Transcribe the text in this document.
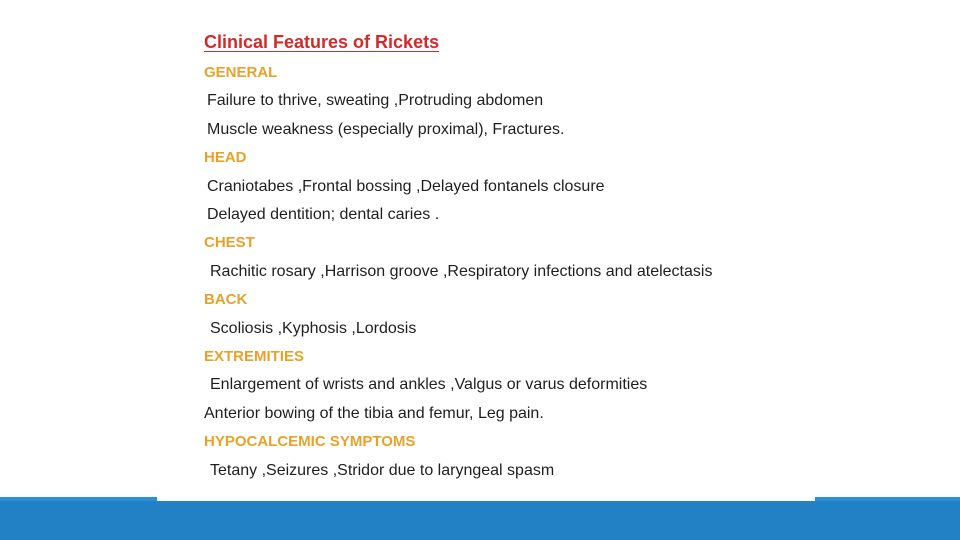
Clinical Features of Rickets
GENERAL
Failure to thrive, sweating ,Protruding abdomen
Muscle weakness (especially proximal), Fractures.
HEAD
Craniotabes ,Frontal bossing ,Delayed fontanels closure
Delayed dentition; dental caries .
CHEST
Rachitic rosary ,Harrison groove ,Respiratory infections and atelectasis
BACK
Scoliosis ,Kyphosis ,Lordosis
EXTREMITIES
Enlargement of wrists and ankles ,Valgus or varus deformities
Anterior bowing of the tibia and femur, Leg pain.
HYPOCALCEMIC SYMPTOMS
Tetany ,Seizures ,Stridor due to laryngeal spasm
